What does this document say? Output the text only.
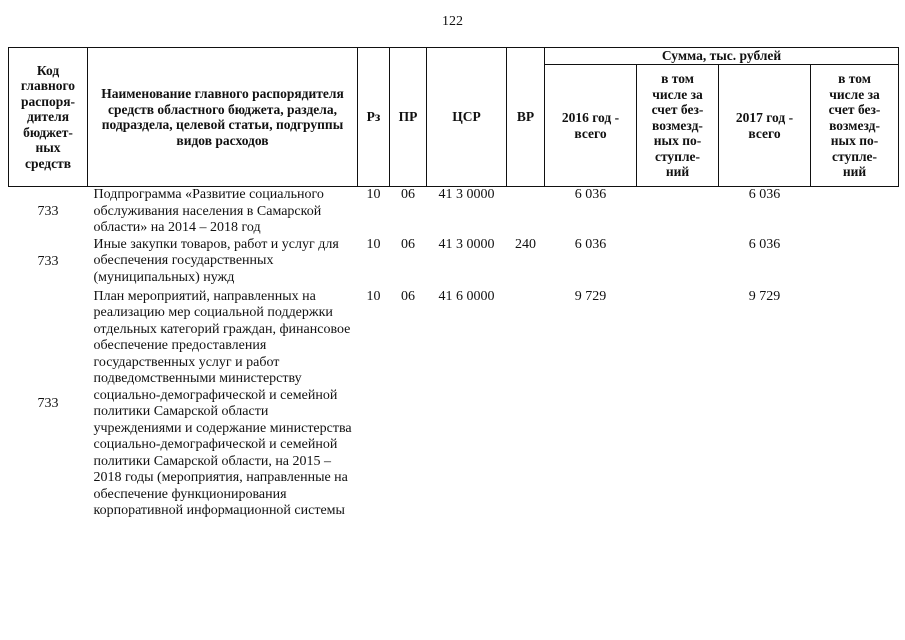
122
Код главного распоря-дителя бюджет-ных средств	Наименование главного распорядителя средств областного бюджета, раздела, подраздела, целевой статьи, подгруппы видов расходов	Рз	ПР	ЦСР	ВР	Сумма, тыс. рублей			
						2016 год - всего	в том числе за счет без-возмезд-ных по-ступле-ний	2017 год - всего	в том числе за счет без-возмезд-ных по-ступле-ний
733	Подпрограмма «Развитие социального обслуживания населения в Самарской области» на 2014 – 2018 год	10	06	41 3 0000		6 036		6 036	
733	Иные закупки товаров, работ и услуг для обеспечения государственных (муниципальных) нужд	10	06	41 3 0000	240	6 036		6 036	
733	План мероприятий, направленных на реализацию мер социальной поддержки отдельных категорий граждан, финансовое обеспечение предоставления государственных услуг и работ подведомственными министерству социально-демографической и семейной политики Самарской области учреждениями и содержание министерства социально-демографической и семейной политики Самарской области, на 2015 – 2018 годы (мероприятия, направленные на обеспечение функционирования корпоративной информационной системы	10	06	41 6 0000		9 729		9 729	
